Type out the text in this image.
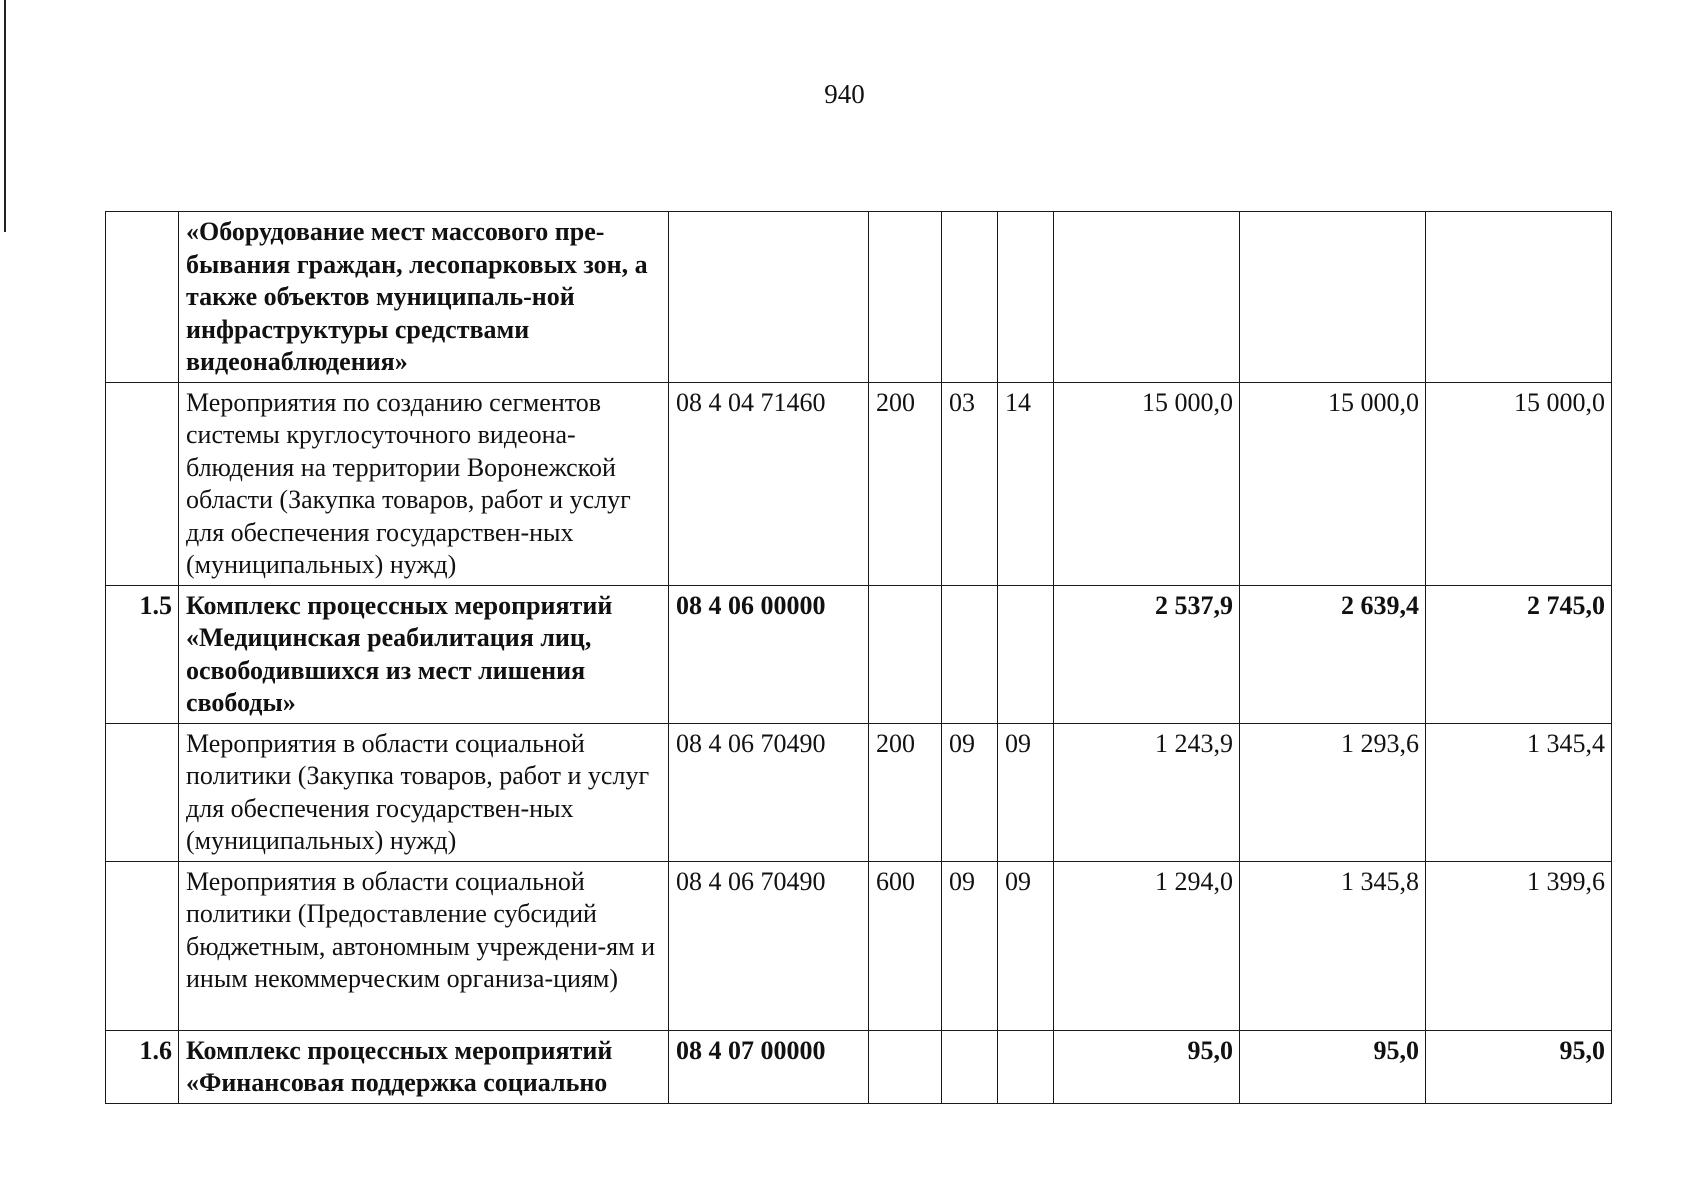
940
	«Оборудование мест массового пре-бывания граждан, лесопарковых зон, а также объектов муниципаль-ной инфраструктуры средствами видеонаблюдения»							
	Мероприятия по созданию сегментов системы круглосуточного видеона-блюдения на территории Воронежской области (Закупка товаров, работ и услуг для обеспечения государствен-ных (муниципальных) нужд)	08 4 04 71460	200	03	14	15 000,0	15 000,0	15 000,0
1.5	Комплекс процессных мероприятий «Медицинская реабилитация лиц, освободившихся из мест лишения свободы»	08 4 06 00000				2 537,9	2 639,4	2 745,0
	Мероприятия в области социальной политики (Закупка товаров, работ и услуг для обеспечения государствен-ных (муниципальных) нужд)	08 4 06 70490	200	09	09	1 243,9	1 293,6	1 345,4
	Мероприятия в области социальной политики (Предоставление субсидий бюджетным, автономным учреждени-ям и иным некоммерческим организа-циям)	08 4 06 70490	600	09	09	1 294,0	1 345,8	1 399,6
1.6	Комплекс процессных мероприятий «Финансовая поддержка социально	08 4 07 00000				95,0	95,0	95,0
